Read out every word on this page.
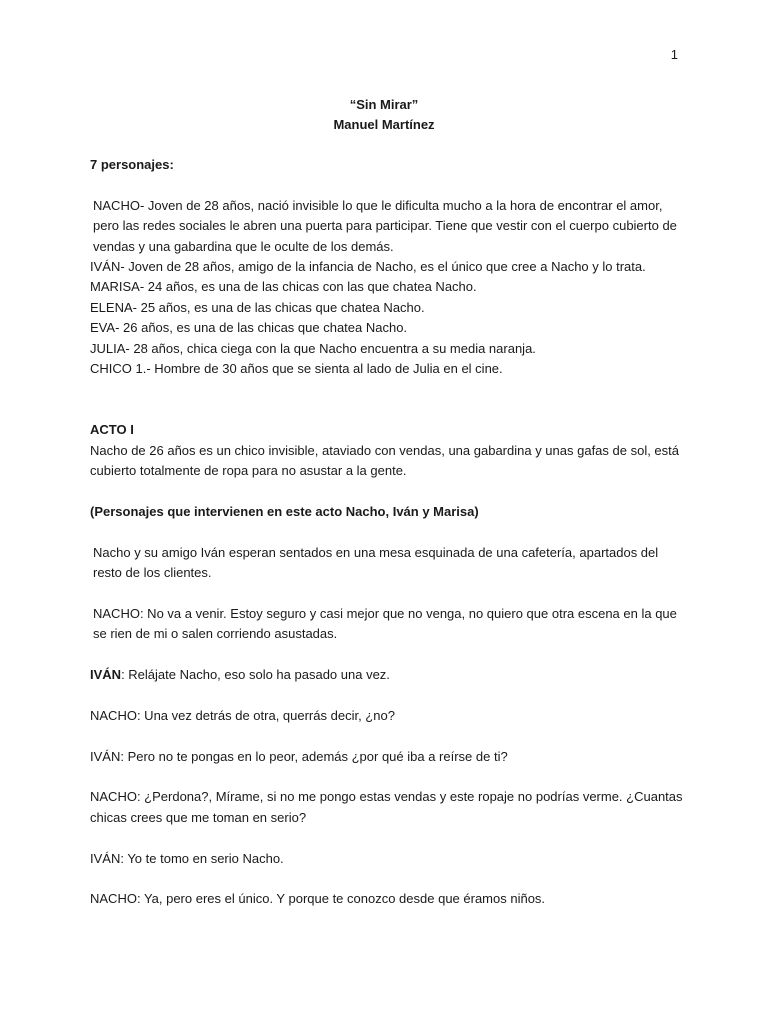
1
“Sin Mirar”
Manuel Martínez

7 personajes:

NACHO- Joven de 28 años, nació invisible lo que le dificulta mucho a la hora de encontrar el amor, pero las redes sociales le abren una puerta para participar. Tiene que vestir con el cuerpo cubierto de vendas y una gabardina que le oculte de los demás.

IVÁN- Joven de 28 años, amigo de la infancia de Nacho, es el único que cree a Nacho y lo trata.

MARISA- 24 años, es una de las chicas con las que chatea Nacho.

ELENA- 25 años, es una de las chicas que chatea Nacho.

EVA- 26 años, es una de las chicas que chatea Nacho.

JULIA- 28 años, chica ciega con la que Nacho encuentra a su media naranja.

CHICO 1.- Hombre de 30 años que se sienta al lado de Julia en el cine.

ACTO I

Nacho de 26 años es un chico invisible, ataviado con vendas, una gabardina y unas gafas de sol, está cubierto totalmente de ropa para no asustar a la gente.

(Personajes que intervienen en este acto Nacho, Iván y Marisa)

Nacho y su amigo Iván esperan sentados en una mesa esquinada de una cafetería, apartados del resto de los clientes.

NACHO: No va a venir. Estoy seguro y casi mejor que no venga, no quiero que otra escena en la que se rien de mi o salen corriendo asustadas.

IVÁN: Relájate Nacho, eso solo ha pasado una vez.

NACHO: Una vez detrás de otra, querrás decir, ¿no?

IVÁN: Pero no te pongas en lo peor, además ¿por qué iba a reírse de ti?

NACHO: ¿Perdona?, Mírame, si no me pongo estas vendas y este ropaje no podrías verme. ¿Cuantas chicas crees que me toman en serio?

IVÁN: Yo te tomo en serio Nacho.

NACHO: Ya, pero eres el único. Y porque te conozco desde que éramos niños.
